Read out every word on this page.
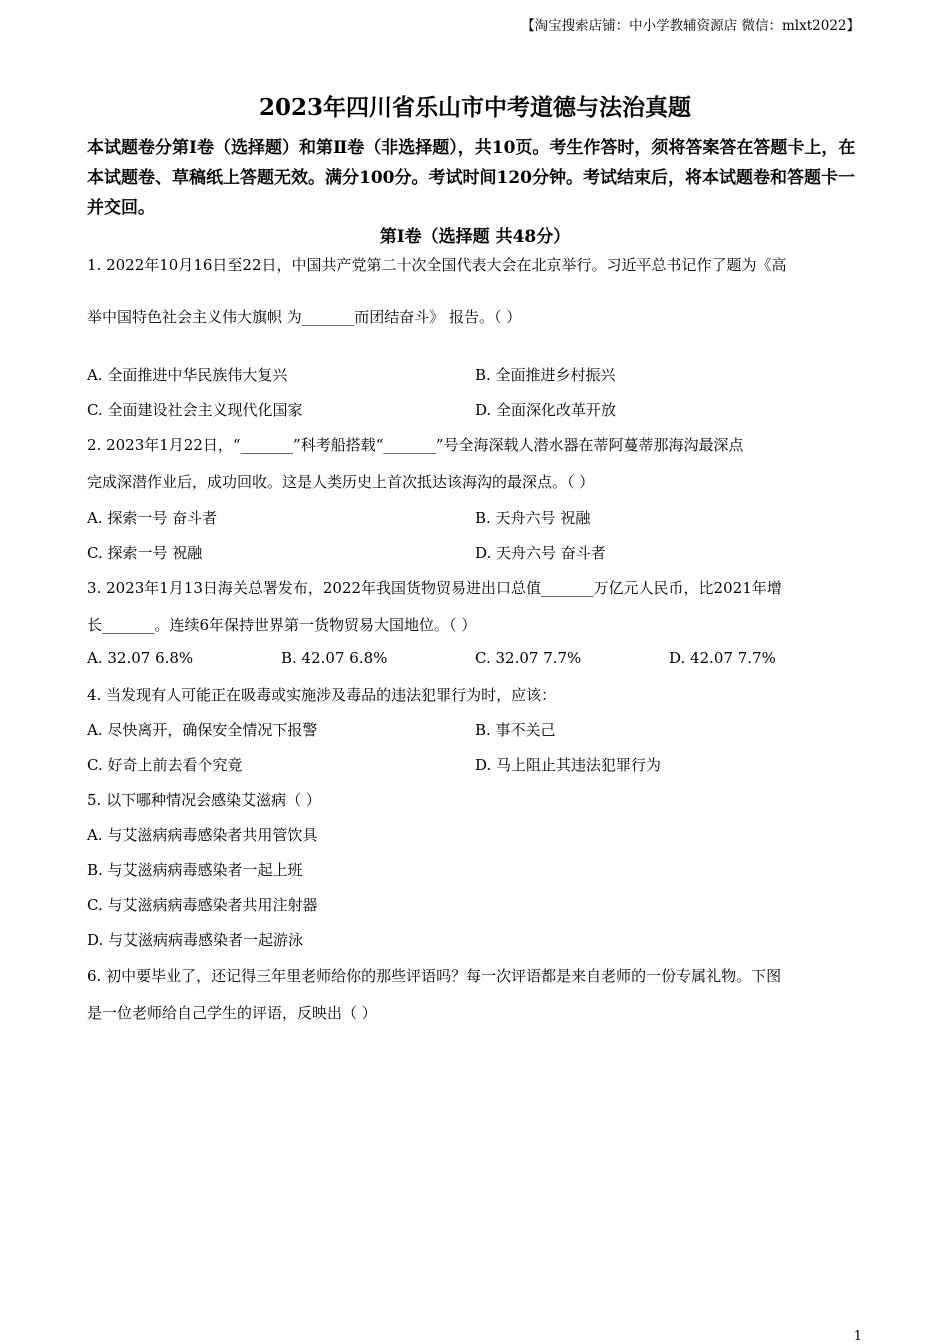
【淘宝搜索店铺：中小学教辅资源店 微信：mlxt2022】
2023年四川省乐山市中考道德与法治真题
本试题卷分第Ⅰ卷（选择题）和第Ⅱ卷（非选择题），共10页。考生作答时，须将答案答在答题卡上，在本试题卷、草稿纸上答题无效。满分100分。考试时间120分钟。考试结束后，将本试题卷和答题卡一并交回。
第Ⅰ卷（选择题 共48分）
1. 2022年10月16日至22日，中国共产党第二十次全国代表大会在北京举行。习近平总书记作了题为《高
举中国特色社会主义伟大旗帜 为_______而团结奋斗》 报告。（ ）
A. 全面推进中华民族伟大复兴	B. 全面推进乡村振兴
C. 全面建设社会主义现代化国家	D. 全面深化改革开放
2. 2023年1月22日，“_______”科考船搭载“_______”号全海深载人潜水器在蒂阿蔓蒂那海沟最深点
完成深潜作业后，成功回收。这是人类历史上首次抵达该海沟的最深点。（ ）
A. 探索一号 奋斗者	B. 天舟六号 祝融
C. 探索一号 祝融	D. 天舟六号 奋斗者
3. 2023年1月13日海关总署发布，2022年我国货物贸易进出口总值_______万亿元人民币，比2021年增
长_______。连续6年保持世界第一货物贸易大国地位。（ ）
A. 32.07 6.8%	B. 42.07 6.8%	C. 32.07 7.7%	D. 42.07 7.7%
4. 当发现有人可能正在吸毒或实施涉及毒品的违法犯罪行为时，应该：
A. 尽快离开，确保安全情况下报警	B. 事不关己
C. 好奇上前去看个究竟	D. 马上阻止其违法犯罪行为
5. 以下哪种情况会感染艾滋病（ ）
A. 与艾滋病病毒感染者共用管饮具
B. 与艾滋病病毒感染者一起上班
C. 与艾滋病病毒感染者共用注射器
D. 与艾滋病病毒感染者一起游泳
6. 初中要毕业了，还记得三年里老师给你的那些评语吗？每一次评语都是来自老师的一份专属礼物。下图
是一位老师给自己学生的评语，反映出（ ）
1
